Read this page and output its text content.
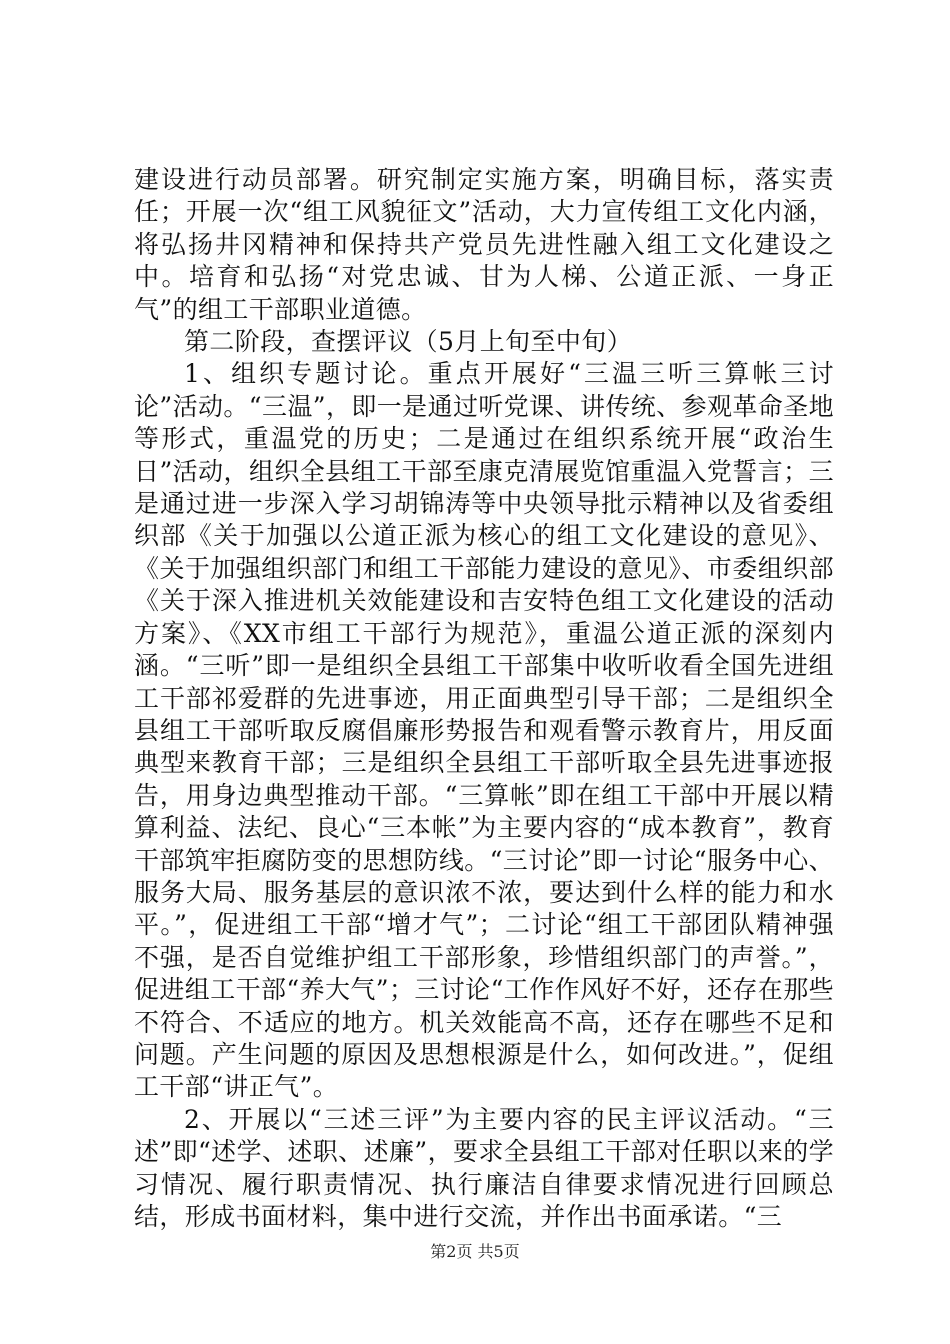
建设进行动员部署。研究制定实施方案，明确目标，落实责任；开展一次“组工风貌征文”活动，大力宣传组工文化内涵，将弘扬井冈精神和保持共产党员先进性融入组工文化建设之中。培育和弘扬“对党忠诚、甘为人梯、公道正派、一身正气”的组工干部职业道德。

第二阶段，查摆评议（5月上旬至中旬）

1、组织专题讨论。重点开展好“三温三听三算帐三讨论”活动。“三温”，即一是通过听党课、讲传统、参观革命圣地等形式，重温党的历史；二是通过在组织系统开展“政治生日”活动，组织全县组工干部至康克清展览馆重温入党誓言；三是通过进一步深入学习胡锦涛等中央领导批示精神以及省委组织部《关于加强以公道正派为核心的组工文化建设的意见》、《关于加强组织部门和组工干部能力建设的意见》、市委组织部《关于深入推进机关效能建设和吉安特色组工文化建设的活动方案》、《XX市组工干部行为规范》，重温公道正派的深刻内涵。“三听”即一是组织全县组工干部集中收听收看全国先进组工干部祁爱群的先进事迹，用正面典型引导干部；二是组织全县组工干部听取反腐倡廉形势报告和观看警示教育片，用反面典型来教育干部；三是组织全县组工干部听取全县先进事迹报告，用身边典型推动干部。“三算帐”即在组工干部中开展以精算利益、法纪、良心“三本帐”为主要内容的“成本教育”，教育干部筑牢拒腐防变的思想防线。“三讨论”即一讨论“服务中心、服务大局、服务基层的意识浓不浓，要达到什么样的能力和水平。”，促进组工干部“增才气”；二讨论“组工干部团队精神强不强，是否自觉维护组工干部形象，珍惜组织部门的声誉。”，促进组工干部“养大气”；三讨论“工作作风好不好，还存在那些不符合、不适应的地方。机关效能高不高，还存在哪些不足和问题。产生问题的原因及思想根源是什么，如何改进。”，促组工干部“讲正气”。

2、开展以“三述三评”为主要内容的民主评议活动。“三述”即“述学、述职、述廉”，要求全县组工干部对任职以来的学习情况、履行职责情况、执行廉洁自律要求情况进行回顾总结，形成书面材料，集中进行交流，并作出书面承诺。“三

第2页 共5页
